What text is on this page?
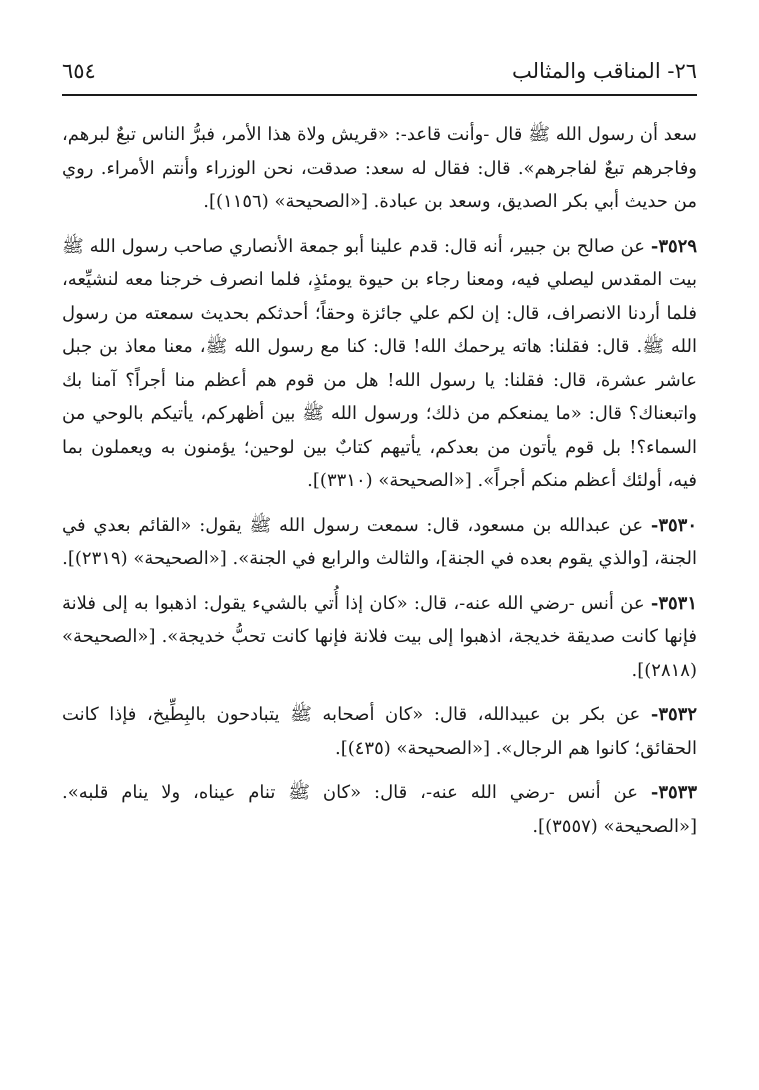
٢٦- المناقب والمثالب
٦٥٤

سعد أن رسول الله ﷺ قال -وأنت قاعد-: «قريش ولاة هذا الأمر، فبرُّ الناس تبعٌ لبرهم، وفاجرهم تبعٌ لفاجرهم». قال: فقال له سعد: صدقت، نحن الوزراء وأنتم الأمراء. روي من حديث أبي بكر الصديق، وسعد بن عبادة. [«الصحيحة» (١١٥٦)].

٣٥٢٩- عن صالح بن جبير، أنه قال: قدم علينا أبو جمعة الأنصاري صاحب رسول الله ﷺ بيت المقدس ليصلي فيه، ومعنا رجاء بن حيوة يومئذٍ، فلما انصرف خرجنا معه لنشيِّعه، فلما أردنا الانصراف، قال: إن لكم علي جائزة وحقاً؛ أحدثكم بحديث سمعته من رسول الله ﷺ. قال: فقلنا: هاته يرحمك الله! قال: كنا مع رسول الله ﷺ، معنا معاذ بن جبل عاشر عشرة، قال: فقلنا: يا رسول الله! هل من قوم هم أعظم منا أجراً؟ آمنا بك واتبعناك؟ قال: «ما يمنعكم من ذلك؛ ورسول الله ﷺ بين أظهركم، يأتيكم بالوحي من السماء؟! بل قوم يأتون من بعدكم، يأتيهم كتابٌ بين لوحين؛ يؤمنون به ويعملون بما فيه، أولئك أعظم منكم أجراً». [«الصحيحة» (٣٣١٠)].

٣٥٣٠- عن عبدالله بن مسعود، قال: سمعت رسول الله ﷺ يقول: «القائم بعدي في الجنة، [والذي يقوم بعده في الجنة]، والثالث والرابع في الجنة». [«الصحيحة» (٢٣١٩)].

٣٥٣١- عن أنس -رضي الله عنه-، قال: «كان إذا أُتي بالشيء يقول: اذهبوا به إلى فلانة فإنها كانت صديقة خديجة، اذهبوا إلى بيت فلانة فإنها كانت تحبُّ خديجة». [«الصحيحة» (٢٨١٨)].

٣٥٣٢- عن بكر بن عبيدالله، قال: «كان أصحابه ﷺ يتبادحون بالبِطِّيخ، فإذا كانت الحقائق؛ كانوا هم الرجال». [«الصحيحة» (٤٣٥)].

٣٥٣٣- عن أنس -رضي الله عنه-، قال: «كان ﷺ تنام عيناه، ولا ينام قلبه». [«الصحيحة» (٣٥٥٧)].
